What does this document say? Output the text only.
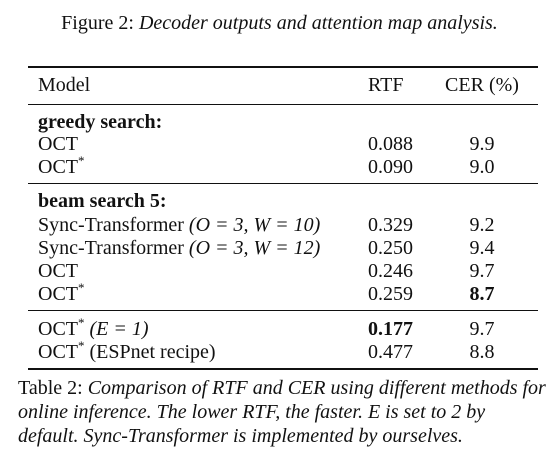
Figure 2: Decoder outputs and attention map analysis.
Model	RTF CER (%)
greedy search:
OCT	0.088	9.9
OCT*	0.090	9.0
beam search 5:
Sync-Transformer (O = 3, W = 10) 0.329	9.2
Sync-Transformer (O = 3, W = 12) 0.250	9.4
OCT	0.246	9.7
OCT*	0.259	8.7
OCT* (E = 1)	0.177	9.7
OCT* (ESPnet recipe)	0.477	8.8
Table 2: Comparison of RTF and CER using different methods for online inference. The lower RTF, the faster. E is set to 2 by default. Sync-Transformer is implemented by ourselves.
